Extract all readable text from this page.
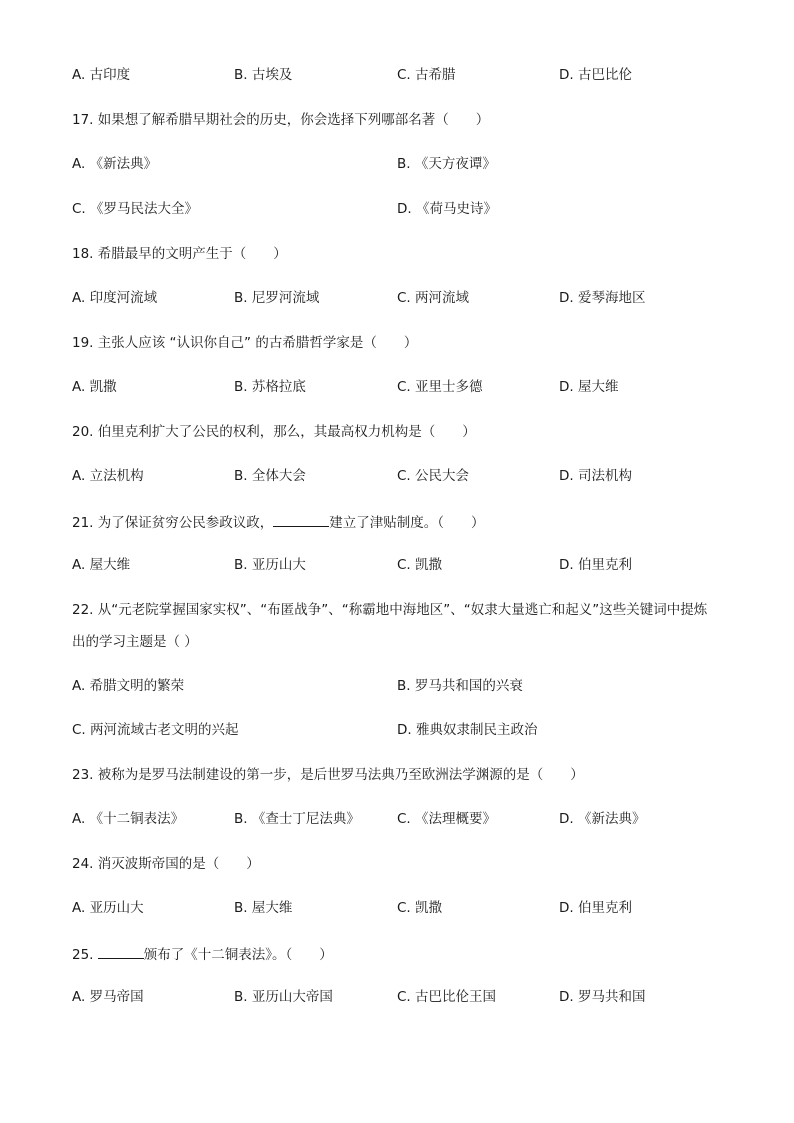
A. 古印度	B. 古埃及	C. 古希腊	D. 古巴比伦
17. 如果想了解希腊早期社会的历史，你会选择下列哪部名著（　　）
A. 《新法典》	B. 《天方夜谭》
C. 《罗马民法大全》	D. 《荷马史诗》
18. 希腊最早的文明产生于（　　）
A. 印度河流域	B. 尼罗河流域	C. 两河流域	D. 爱琴海地区
19. 主张人应该 “认识你自己” 的古希腊哲学家是（　　）
A. 凯撒	B. 苏格拉底	C. 亚里士多德	D. 屋大维
20. 伯里克利扩大了公民的权利，那么，其最高权力机构是（　　）
A. 立法机构	B. 全体大会	C. 公民大会	D. 司法机构
21. 为了保证贫穷公民参政议政，	建立了津贴制度。（　　）
A. 屋大维	B. 亚历山大	C. 凯撒	D. 伯里克利
22. 从“元老院掌握国家实权”、“布匿战争”、“称霸地中海地区”、“奴隶大量逃亡和起义”这些关键词中提炼
出的学习主题是（ ）
A. 希腊文明的繁荣	B. 罗马共和国的兴衰
C. 两河流域古老文明的兴起	D. 雅典奴隶制民主政治
23. 被称为是罗马法制建设的第一步，是后世罗马法典乃至欧洲法学渊源的是（　　）
A. 《十二铜表法》	B. 《查士丁尼法典》	C. 《法理概要》	D. 《新法典》
24. 消灭波斯帝国的是（　　）
A. 亚历山大	B. 屋大维	C. 凯撒	D. 伯里克利
25.	颁布了《十二铜表法》。（　　）
A. 罗马帝国	B. 亚历山大帝国	C. 古巴比伦王国	D. 罗马共和国
